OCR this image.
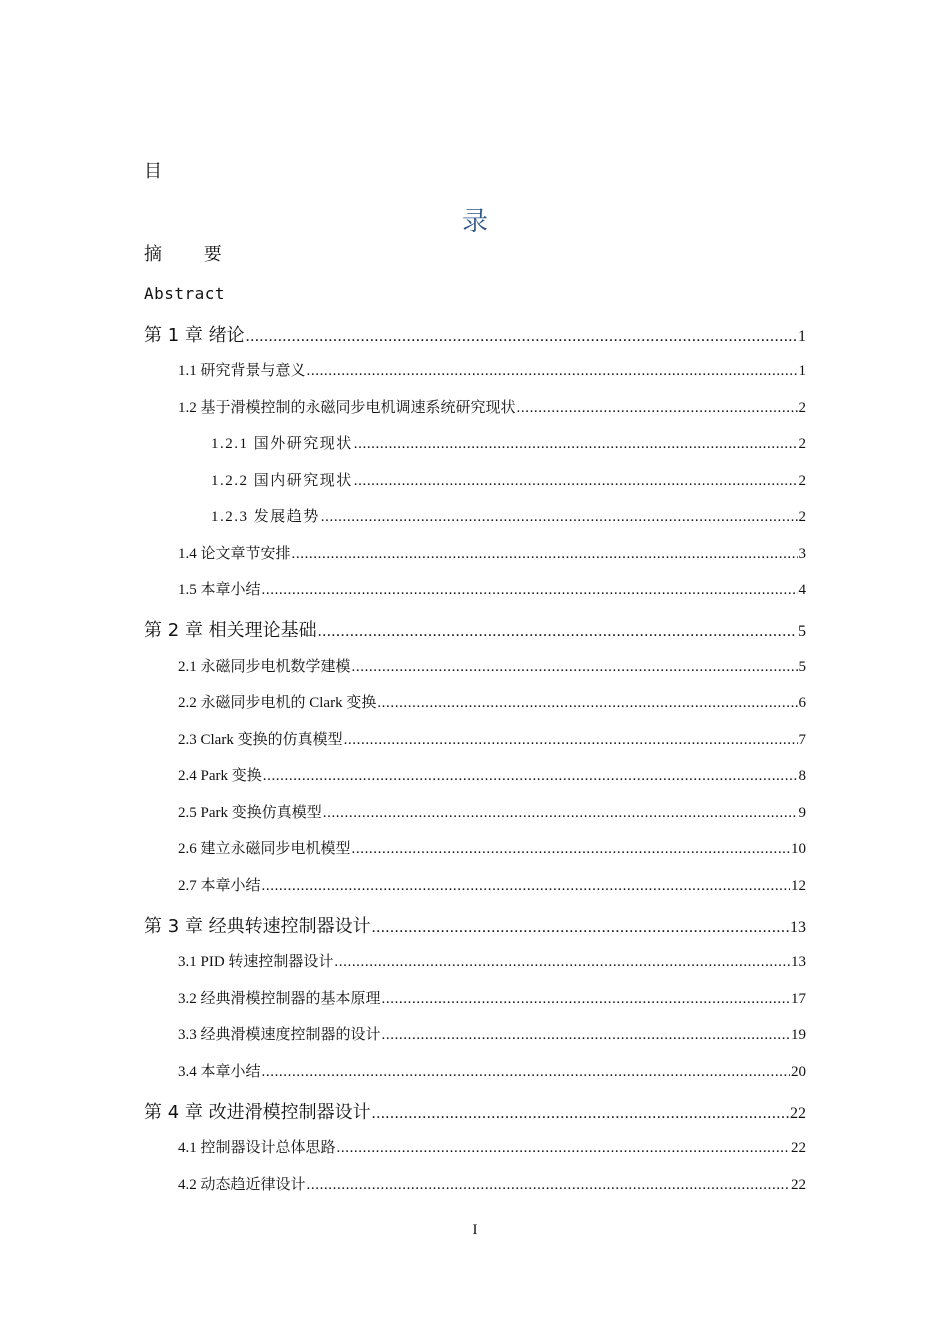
目
录
摘 要
Abstract
第 1 章 绪论 .....	1
1.1 研究背景与意义 .....	1
1.2 基于滑模控制的永磁同步电机调速系统研究现状 .....	2
1.2.1 国外研究现状 .....	2
1.2.2 国内研究现状 .....	2
1.2.3 发展趋势 .....	2
1.4 论文章节安排 .....	3
1.5 本章小结 .....	4
第 2 章 相关理论基础 .....	5
2.1 永磁同步电机数学建模 .....	5
2.2 永磁同步电机的 Clark 变换 .....	6
2.3 Clark 变换的仿真模型 .....	7
2.4 Park 变换 .....	8
2.5 Park 变换仿真模型 .....	9
2.6 建立永磁同步电机模型 .....	10
2.7 本章小结 .....	12
第 3 章 经典转速控制器设计 .....	13
3.1 PID 转速控制器设计 .....	13
3.2 经典滑模控制器的基本原理 .....	17
3.3 经典滑模速度控制器的设计 .....	19
3.4 本章小结 .....	20
第 4 章 改进滑模控制器设计 .....	22
4.1 控制器设计总体思路 .....	22
4.2 动态趋近律设计 .....	22
I
